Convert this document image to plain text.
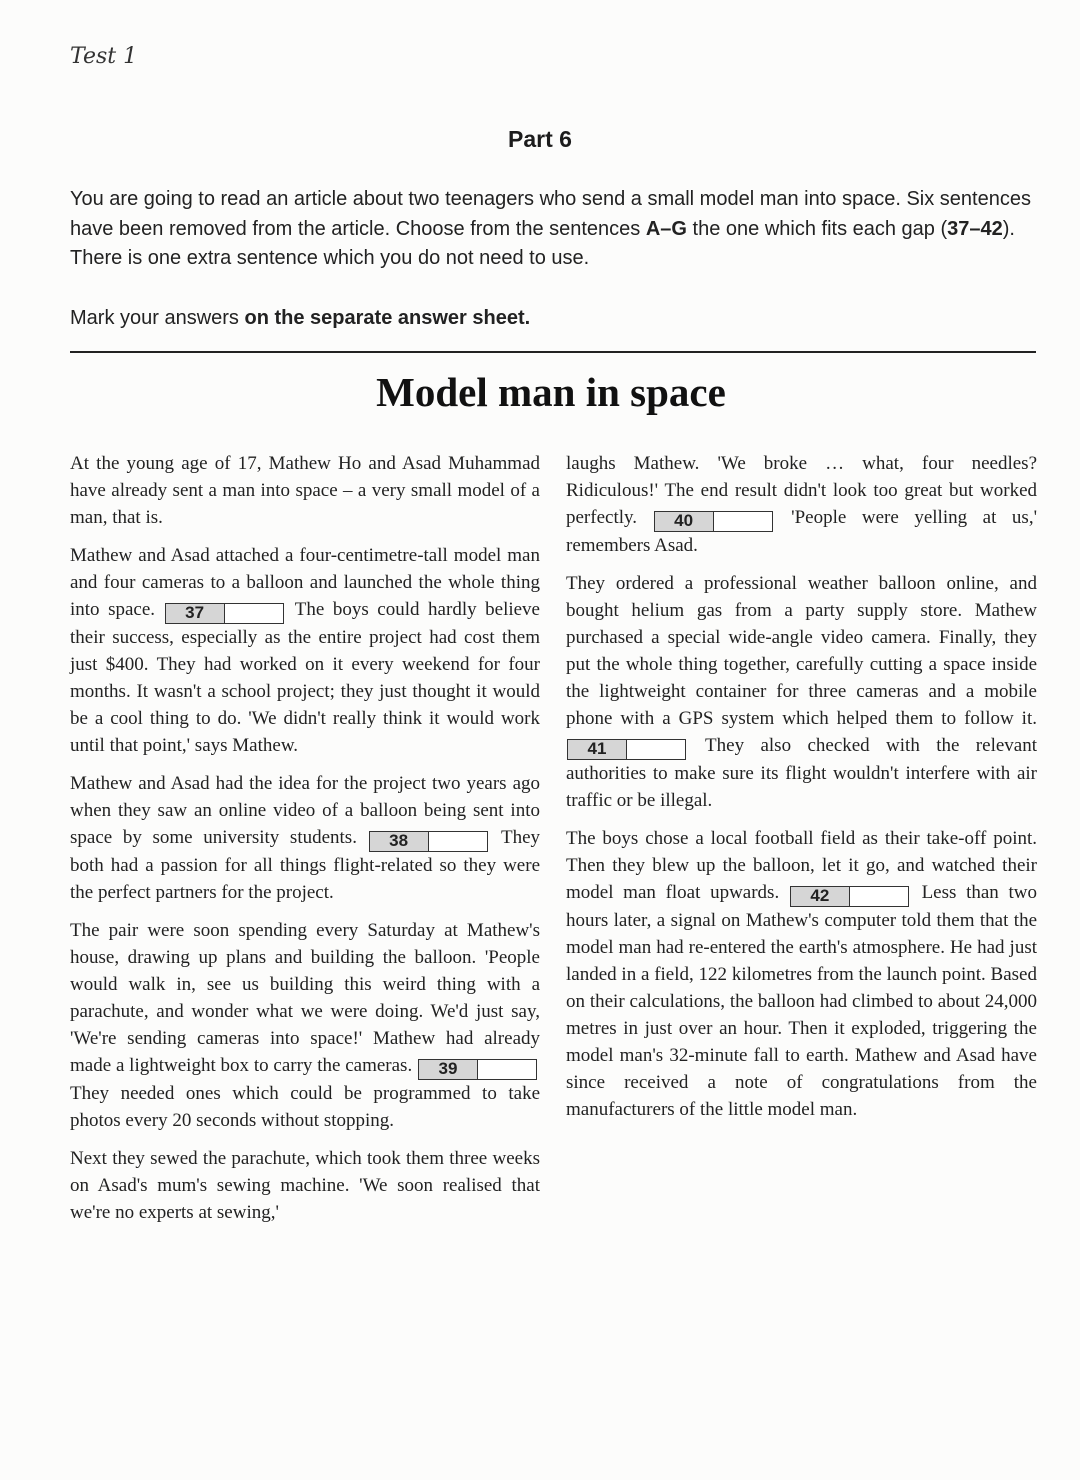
Test 1
Part 6

You are going to read an article about two teenagers who send a small model man into space. Six sentences have been removed from the article. Choose from the sentences A–G the one which fits each gap (37–42). There is one extra sentence which you do not need to use.

Mark your answers on the separate answer sheet.

Model man in space

At the young age of 17, Mathew Ho and Asad Muhammad have already sent a man into space – a very small model of a man, that is.

Mathew and Asad attached a four-centimetre-tall model man and four cameras to a balloon and launched the whole thing into space.	37	The boys could hardly believe their success, especially as the entire project had cost them just $400. They had worked on it every weekend for four months. It wasn't a school project; they just thought it would be a cool thing to do. 'We didn't really think it would work until that point,' says Mathew.

Mathew and Asad had the idea for the project two years ago when they saw an online video of a balloon being sent into space by some university students.	38	They both had a passion for all things flight-related so they were the perfect partners for the project.

The pair were soon spending every Saturday at Mathew's house, drawing up plans and building the balloon. 'People would walk in, see us building this weird thing with a parachute, and wonder what we were doing. We'd just say, 'We're sending cameras into space!' Mathew had already made a lightweight box to carry the cameras.	39
They needed ones which could be programmed to take photos every 20 seconds without stopping.

Next they sewed the parachute, which took them three weeks on Asad's mum's sewing machine. 'We soon realised that we're no experts at sewing,'

laughs Mathew. 'We broke … what, four needles? Ridiculous!' The end result didn't look too great but worked perfectly.	40	'People were yelling at us,' remembers Asad.

They ordered a professional weather balloon online, and bought helium gas from a party supply store. Mathew purchased a special wide-angle video camera. Finally, they put the whole thing together, carefully cutting a space inside the lightweight container for three cameras and a mobile phone with a GPS system which helped them to follow it.
41	They also checked with the relevant authorities to make sure its flight wouldn't interfere with air traffic or be illegal.

The boys chose a local football field as their take-off point. Then they blew up the balloon, let it go, and watched their model man float upwards.	42	Less than two hours later, a signal on Mathew's computer told them that the model man had re-entered the earth's atmosphere. He had just landed in a field, 122 kilometres from the launch point. Based on their calculations, the balloon had climbed to about 24,000 metres in just over an hour. Then it exploded, triggering the model man's 32-minute fall to earth. Mathew and Asad have since received a note of congratulations from the manufacturers of the little model man.
